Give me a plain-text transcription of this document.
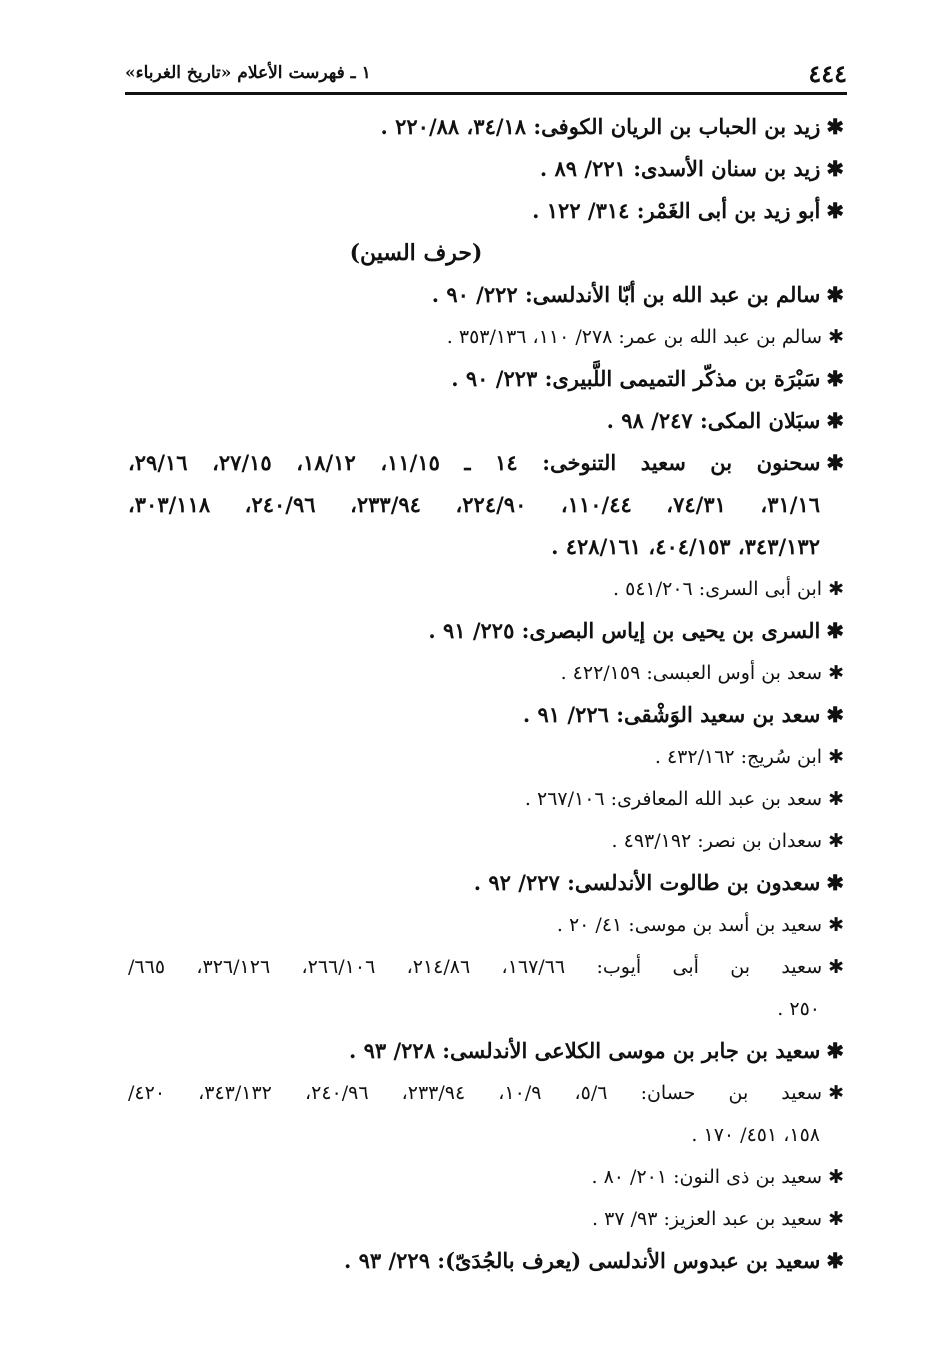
٤٤٤
١ ـ فهرست الأعلام «تاريخ الغرباء»
✱زيد بن الحباب بن الريان الكوفى: ٣٤/١٨، ٢٢٠/٨٨ .
✱زيد بن سنان الأسدى: ٢٢١/ ٨٩ .
✱أبو زيد بن أبى الغَمْر: ٣١٤/ ١٢٢ .
(حرف السين)
✱سالم بن عبد الله بن أبّا الأندلسى: ٢٢٢/ ٩٠ .
✱سالم بن عبد الله بن عمر: ٢٧٨/ ١١٠، ٣٥٣/١٣٦ .
✱سَبْرَة بن مذكّر التميمى اللَّبيرى: ٢٢٣/ ٩٠ .
✱سبَلان المكى: ٢٤٧/ ٩٨ .
✱سحنون بن سعيد التنوخى: ١٤ ـ ١١/١٥، ١٨/١٢، ٢٧/١٥، ٢٩/١٦،
٣١/١٦، ٧٤/٣١، ١١٠/٤٤، ٢٢٤/٩٠، ٢٣٣/٩٤، ٢٤٠/٩٦، ٣٠٣/١١٨،
٣٤٣/١٣٢، ٤٠٤/١٥٣، ٤٢٨/١٦١ .
✱ابن أبى السرى: ٥٤١/٢٠٦ .
✱السرى بن يحيى بن إياس البصرى: ٢٢٥/ ٩١ .
✱سعد بن أوس العبسى: ٤٢٢/١٥٩ .
✱سعد بن سعيد الوَشْقى: ٢٢٦/ ٩١ .
✱ابن سُريج: ٤٣٢/١٦٢ .
✱سعد بن عبد الله المعافرى: ٢٦٧/١٠٦ .
✱سعدان بن نصر: ٤٩٣/١٩٢ .
✱سعدون بن طالوت الأندلسى: ٢٢٧/ ٩٢ .
✱سعيد بن أسد بن موسى: ٤١/ ٢٠ .
✱سعيد بن أبى أيوب: ١٦٧/٦٦، ٢١٤/٨٦، ٢٦٦/١٠٦، ٣٢٦/١٢٦، ٦٦٥/
٢٥٠ .
✱سعيد بن جابر بن موسى الكلاعى الأندلسى: ٢٢٨/ ٩٣ .
✱سعيد بن حسان: ٥/٦، ١٠/٩، ٢٣٣/٩٤، ٢٤٠/٩٦، ٣٤٣/١٣٢، ٤٢٠/
١٥٨، ٤٥١/ ١٧٠ .
✱سعيد بن ذى النون: ٢٠١/ ٨٠ .
✱سعيد بن عبد العزيز: ٩٣/ ٣٧ .
✱سعيد بن عبدوس الأندلسى (يعرف بالجُدَىّ): ٢٢٩/ ٩٣ .
